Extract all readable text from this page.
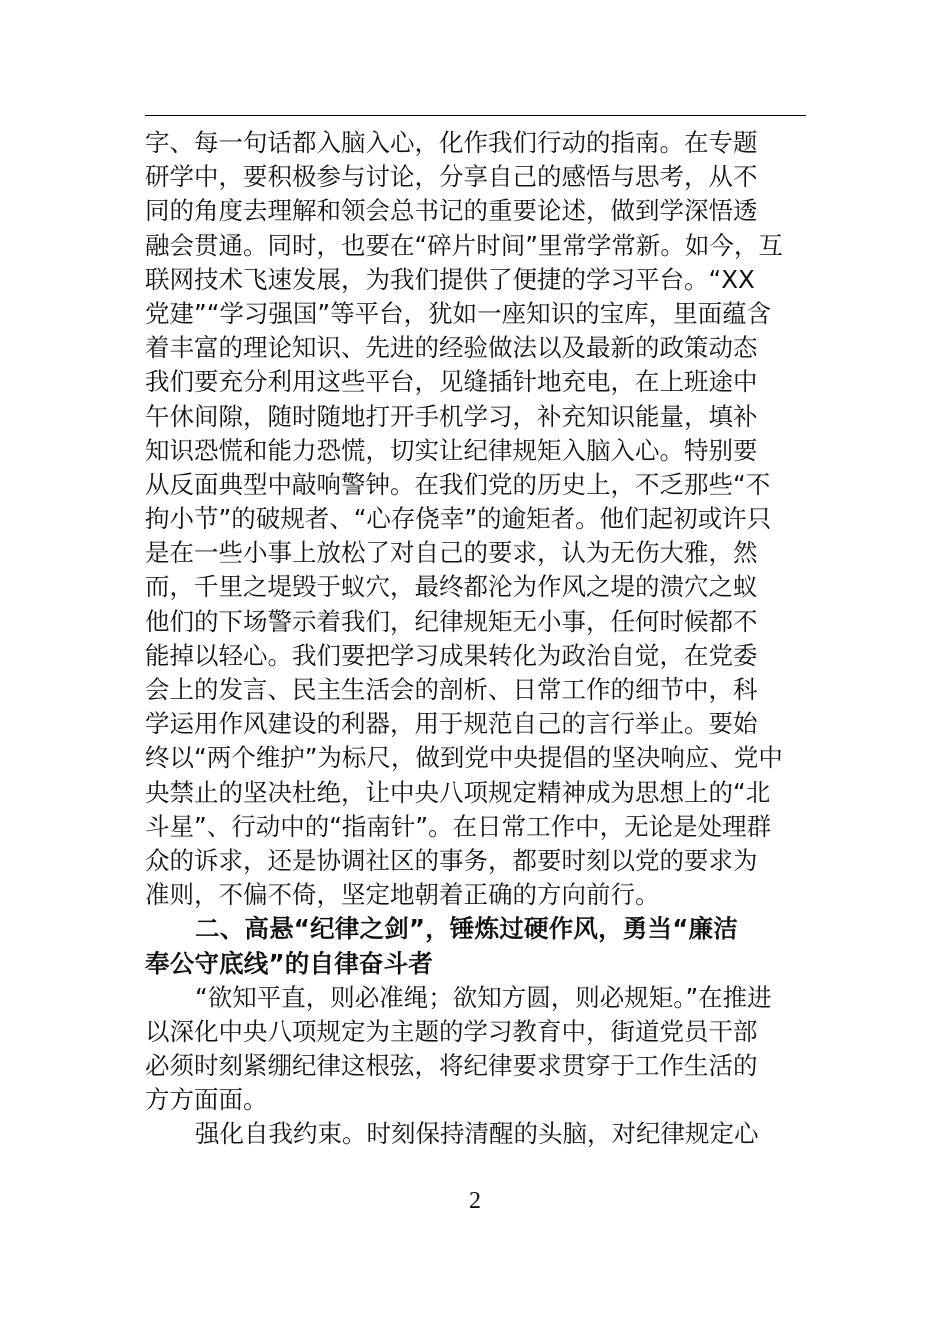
字、每一句话都入脑入心，化作我们行动的指南。在专题
研学中，要积极参与讨论，分享自己的感悟与思考，从不
同的角度去理解和领会总书记的重要论述，做到学深悟透
融会贯通。同时，也要在“碎片时间”里常学常新。如今，互
联网技术飞速发展，为我们提供了便捷的学习平台。“XX
党建”“学习强国”等平台，犹如一座知识的宝库，里面蕴含
着丰富的理论知识、先进的经验做法以及最新的政策动态
我们要充分利用这些平台，见缝插针地充电，在上班途中
午休间隙，随时随地打开手机学习，补充知识能量，填补
知识恐慌和能力恐慌，切实让纪律规矩入脑入心。特别要
从反面典型中敲响警钟。在我们党的历史上，不乏那些“不
拘小节”的破规者、“心存侥幸”的逾矩者。他们起初或许只
是在一些小事上放松了对自己的要求，认为无伤大雅，然
而，千里之堤毁于蚁穴，最终都沦为作风之堤的溃穴之蚁
他们的下场警示着我们，纪律规矩无小事，任何时候都不
能掉以轻心。我们要把学习成果转化为政治自觉，在党委
会上的发言、民主生活会的剖析、日常工作的细节中，科
学运用作风建设的利器，用于规范自己的言行举止。要始
终以“两个维护”为标尺，做到党中央提倡的坚决响应、党中
央禁止的坚决杜绝，让中央八项规定精神成为思想上的“北
斗星”、行动中的“指南针”。在日常工作中，无论是处理群
众的诉求，还是协调社区的事务，都要时刻以党的要求为
准则，不偏不倚，坚定地朝着正确的方向前行。
二、高悬“纪律之剑”，锤炼过硬作风，勇当“廉洁
奉公守底线”的自律奋斗者
“欲知平直，则必准绳；欲知方圆，则必规矩。”在推进
以深化中央八项规定为主题的学习教育中，街道党员干部
必须时刻紧绷纪律这根弦，将纪律要求贯穿于工作生活的
方方面面。
强化自我约束。时刻保持清醒的头脑，对纪律规定心
2
